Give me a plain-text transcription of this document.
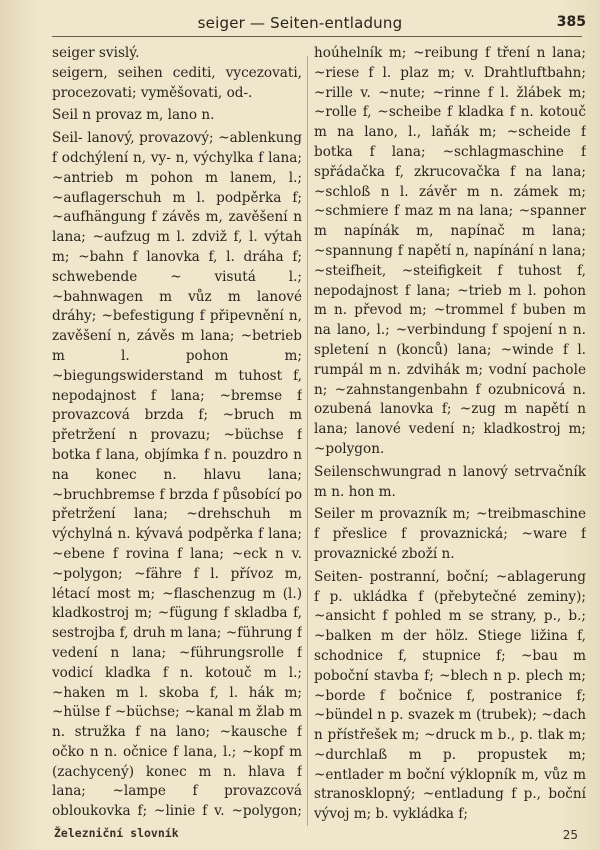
seiger — Seiten-entladung	385

seiger svislý.

seigern, seihen cediti, vycezovati, procezovati; vyměšovati, od-.

Seil n provaz m, lano n.

Seil- lanový, provazový; ~ablenkung f odchýlení n, vy- n, výchylka f lana; ~antrieb m pohon m lanem, l.; ~auflagerschuh m l. podpěrka f; ~aufhängung f závěs m, zavěšení n lana; ~aufzug m l. zdviž f, l. výtah m; ~bahn f lanovka f, l. dráha f; schwebende ~ visutá l.; ~bahnwagen m vůz m lanové dráhy; ~befestigung f připevnění n, zavěšení n, závěs m lana; ~betrieb m l. pohon m; ~biegungswiderstand m tuhost f, nepodajnost f lana; ~bremse f provazcová brzda f; ~bruch m přetržení n provazu; ~büchse f botka f lana, objímka f n. pouzdro n na konec n. hlavu lana; ~bruchbremse f brzda f působící po přetržení lana; ~drehschuh m výchylná n. kývavá podpěrka f lana; ~ebene f rovina f lana; ~eck n v. ~polygon; ~fähre f l. přívoz m, létací most m; ~flaschenzug m (l.) kladkostroj m; ~fügung f skladba f, sestrojba f, druh m lana; ~führung f vedení n lana; ~führungsrolle f vodicí kladka f n. kotouč m l.; ~haken m l. skoba f, l. hák m; ~hülse f ~büchse; ~kanal m žlab m n. stružka f na lano; ~kausche f očko n n. očnice f lana, l.; ~kopf m (zachycený) konec m n. hlava f lana; ~lampe f provazcová obloukovka f; ~linie f v. ~polygon;

hoúhelník m; ~reibung f tření n lana; ~riese f l. plaz m; v. Drahtluftbahn; ~rille v. ~nute; ~rinne f l. žlábek m; ~rolle f, ~scheibe f kladka f n. kotouč m na lano, l., laňák m; ~scheide f botka f lana; ~schlagmaschine f spřádačka f, zkrucovačka f na lana; ~schloß n l. závěr m n. zámek m; ~schmiere f maz m na lana; ~spanner m napínák m, napínač m lana; ~spannung f napětí n, napínání n lana; ~steifheit, ~steifigkeit f tuhost f, nepodajnost f lana; ~trieb m l. pohon m n. převod m; ~trommel f buben m na lano, l.; ~verbindung f spojení n n. spletení n (konců) lana; ~winde f l. rumpál m n. zdvihák m; vodní pachole n; ~zahnstangenbahn f ozubnicová n. ozubená lanovka f; ~zug m napětí n lana; lanové vedení n; kladkostroj m; ~polygon.

Seilenschwungrad n lanový setrvačník m n. hon m.

Seiler m provazník m; ~treibmaschine f přeslice f provaznická; ~ware f provaznické zboží n.

Seiten- postranní, boční; ~ablagerung f p. ukládka f (přebytečné zeminy); ~ansicht f pohled m se strany, p., b.; ~balken m der hölz. Stiege ližina f, schodnice f, stupnice f; ~bau m poboční stavba f; ~blech n p. plech m; ~borde f bočnice f, postranice f; ~bündel n p. svazek m (trubek); ~dach n přístřešek m; ~druck m b., p. tlak m; ~durchlaß m p. propustek m; ~entlader m boční výklopník m, vůz m stranosklopný; ~entladung f p., boční vývoj m; b. vykládka f;

Železniční slovník	25
